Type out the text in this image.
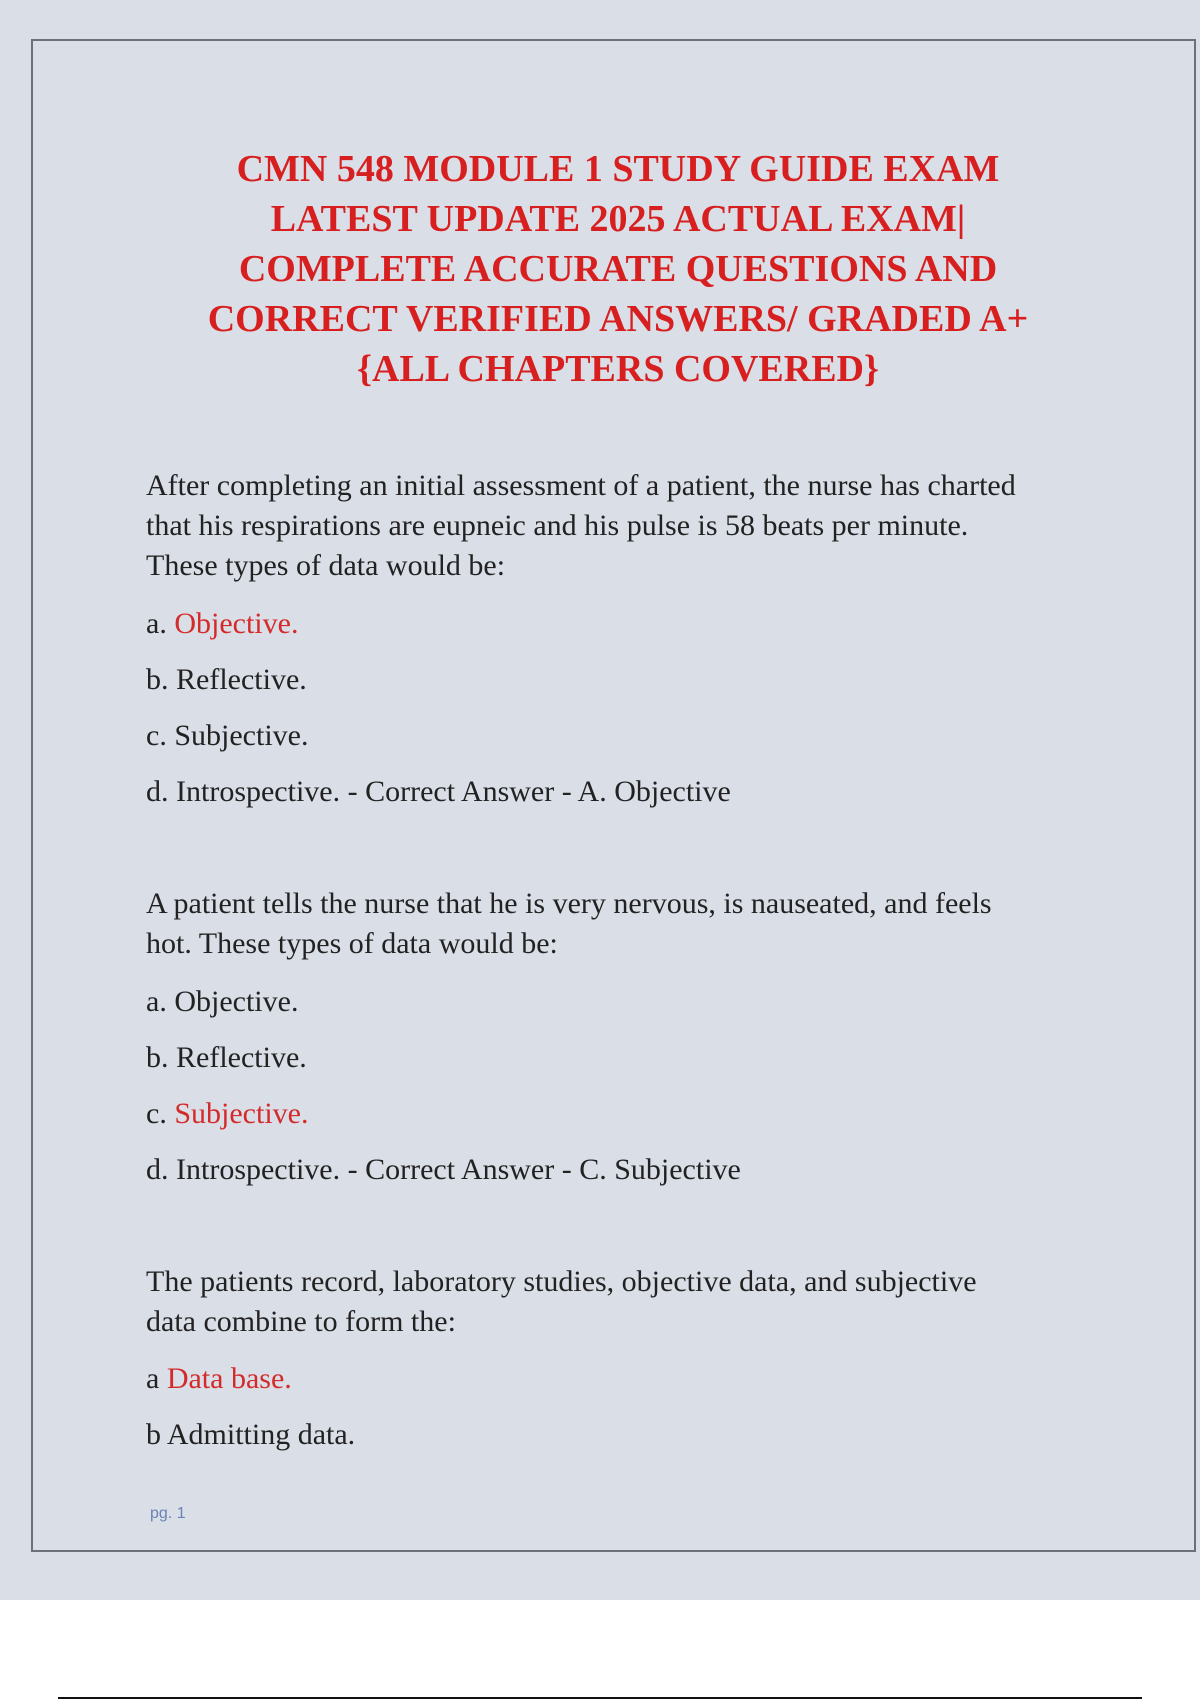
CMN 548 MODULE 1 STUDY GUIDE EXAM
LATEST UPDATE 2025 ACTUAL EXAM|
COMPLETE ACCURATE QUESTIONS AND
CORRECT VERIFIED ANSWERS/ GRADED A+
{ALL CHAPTERS COVERED}

After completing an initial assessment of a patient, the nurse has charted
that his respirations are eupneic and his pulse is 58 beats per minute.
These types of data would be:

a. Objective.

b. Reflective.

c. Subjective.

d. Introspective. - Correct Answer - A. Objective

A patient tells the nurse that he is very nervous, is nauseated, and feels
hot. These types of data would be:

a. Objective.

b. Reflective.

c. Subjective.

d. Introspective. - Correct Answer - C. Subjective

The patients record, laboratory studies, objective data, and subjective
data combine to form the:

a Data base.

b Admitting data.

pg. 1
